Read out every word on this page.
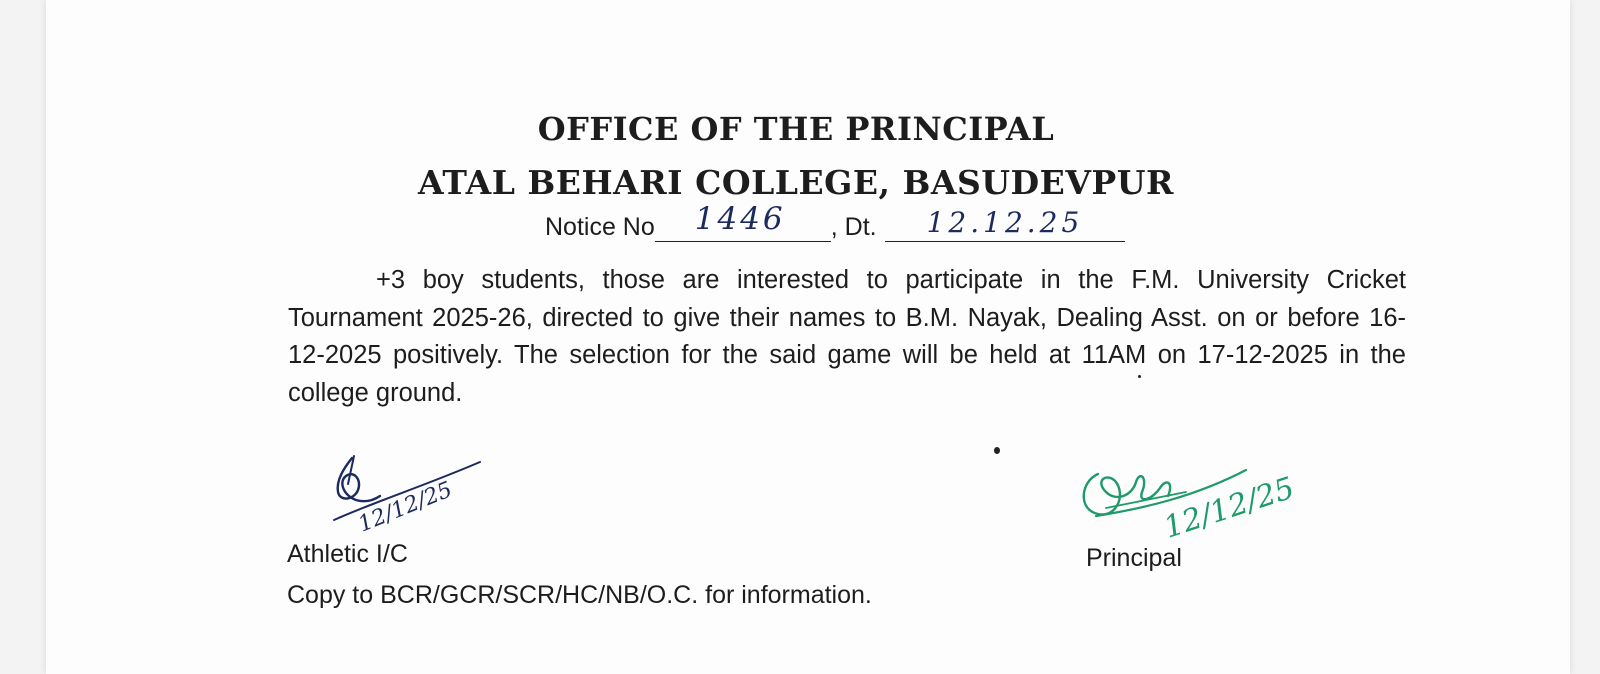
OFFICE OF THE PRINCIPAL
ATAL BEHARI COLLEGE, BASUDEVPUR
Notice No 1446 , Dt. 12.12.25

+3 boy students, those are interested to participate in the F.M. University Cricket Tournament 2025-26, directed to give their names to B.M. Nayak, Dealing Asst. on or before 16-12-2025 positively. The selection for the said game will be held at 11AM on 17-12-2025 in the college ground.

12/12/25	12/12/25
Athletic I/C	Principal
Copy to BCR/GCR/SCR/HC/NB/O.C. for information.
